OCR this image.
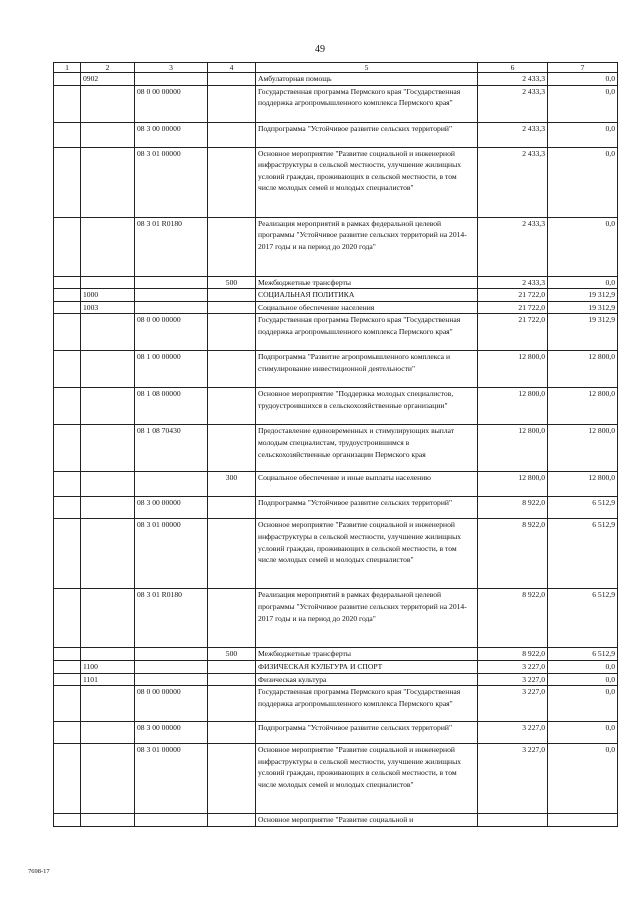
49
1	2	3	4	5	6	7
	0902			Амбулаторная помощь	2 433,3	0,0
		08 0 00 00000		Государственная программа Пермского края "Государственная поддержка агропромышленного комплекса Пермского края"	2 433,3	0,0
		08 3 00 00000		Подпрограмма "Устойчивое развитие сельских территорий"	2 433,3	0,0
		08 3 01 00000		Основное мероприятие "Развитие социальной и инженерной инфраструктуры в сельской местности, улучшение жилищных условий граждан, проживающих в сельской местности, в том числе молодых семей и молодых специалистов"	2 433,3	0,0
		08 3 01 R0180		Реализация мероприятий в рамках федеральной целевой программы "Устойчивое развитие сельских территорий на 2014-2017 годы и на период до 2020 года"	2 433,3	0,0
			500	Межбюджетные трансферты	2 433,3	0,0
	1000			СОЦИАЛЬНАЯ ПОЛИТИКА	21 722,0	19 312,9
	1003			Социальное обеспечение населения	21 722,0	19 312,9
		08 0 00 00000		Государственная программа Пермского края "Государственная поддержка агропромышленного комплекса Пермского края"	21 722,0	19 312,9
		08 1 00 00000		Подпрограмма "Развитие агропромышленного комплекса и стимулирование инвестиционной деятельности"	12 800,0	12 800,0
		08 1 08 00000		Основное мероприятие "Поддержка молодых специалистов, трудоустроившихся в сельскохозяйственные организации"	12 800,0	12 800,0
		08 1 08 70430		Предоставление единовременных и стимулирующих выплат молодым специалистам, трудоустроившимся в сельскохозяйственные организации Пермского края	12 800,0	12 800,0
			300	Социальное обеспечение и иные выплаты населению	12 800,0	12 800,0
		08 3 00 00000		Подпрограмма "Устойчивое развитие сельских территорий"	8 922,0	6 512,9
		08 3 01 00000		Основное мероприятие "Развитие социальной и инженерной инфраструктуры в сельской местности, улучшение жилищных условий граждан, проживающих в сельской местности, в том числе молодых семей и молодых специалистов"	8 922,0	6 512,9
		08 3 01 R0180		Реализация мероприятий в рамках федеральной целевой программы "Устойчивое развитие сельских территорий на 2014-2017 годы и на период до 2020 года"	8 922,0	6 512,9
			500	Межбюджетные трансферты	8 922,0	6 512,9
	1100			ФИЗИЧЕСКАЯ КУЛЬТУРА И СПОРТ	3 227,0	0,0
	1101			Физическая культура	3 227,0	0,0
		08 0 00 00000		Государственная программа Пермского края "Государственная поддержка агропромышленного комплекса Пермского края"	3 227,0	0,0
		08 3 00 00000		Подпрограмма "Устойчивое развитие сельских территорий"	3 227,0	0,0
		08 3 01 00000		Основное мероприятие "Развитие социальной и инженерной инфраструктуры в сельской местности, улучшение жилищных условий граждан, проживающих в сельской местности, в том числе молодых семей и молодых специалистов"	3 227,0	0,0
				Основное мероприятие "Развитие социальной и		
7698-17
